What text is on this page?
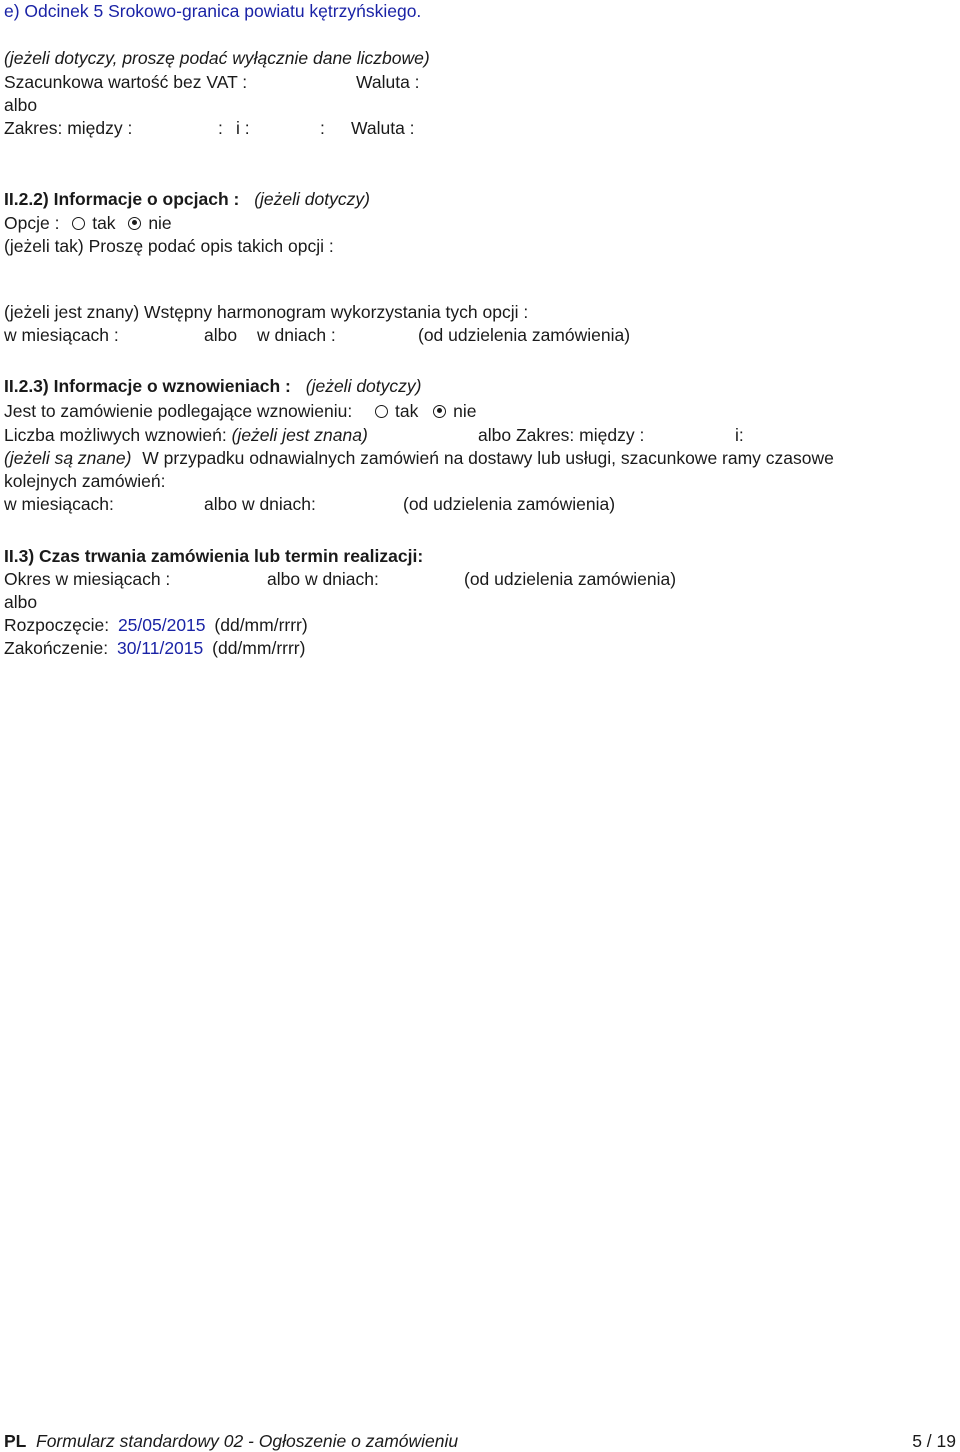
e) Odcinek 5 Srokowo-granica powiatu kętrzyńskiego.
(jeżeli dotyczy, proszę podać wyłącznie dane liczbowe)
Szacunkowa wartość bez VAT :	Waluta :
albo
Zakres: między :	: i :	: Waluta :
II.2.2) Informacje o opcjach : (jeżeli dotyczy)
Opcje : tak nie
(jeżeli tak) Proszę podać opis takich opcji :
(jeżeli jest znany) Wstępny harmonogram wykorzystania tych opcji :
w miesiącach :	albo w dniach :	(od udzielenia zamówienia)
II.2.3) Informacje o wznowieniach : (jeżeli dotyczy)
Jest to zamówienie podlegające wznowieniu: tak nie
Liczba możliwych wznowień: (jeżeli jest znana)	albo Zakres: między :	i:
(jeżeli są znane) W przypadku odnawialnych zamówień na dostawy lub usługi, szacunkowe ramy czasowe
kolejnych zamówień:
w miesiącach:	albo w dniach:	(od udzielenia zamówienia)
II.3) Czas trwania zamówienia lub termin realizacji:
Okres w miesiącach :	albo w dniach:	(od udzielenia zamówienia)
albo
Rozpoczęcie: 25/05/2015 (dd/mm/rrrr)
Zakończenie: 30/11/2015 (dd/mm/rrrr)
PL Formularz standardowy 02 - Ogłoszenie o zamówieniu	5 / 19
